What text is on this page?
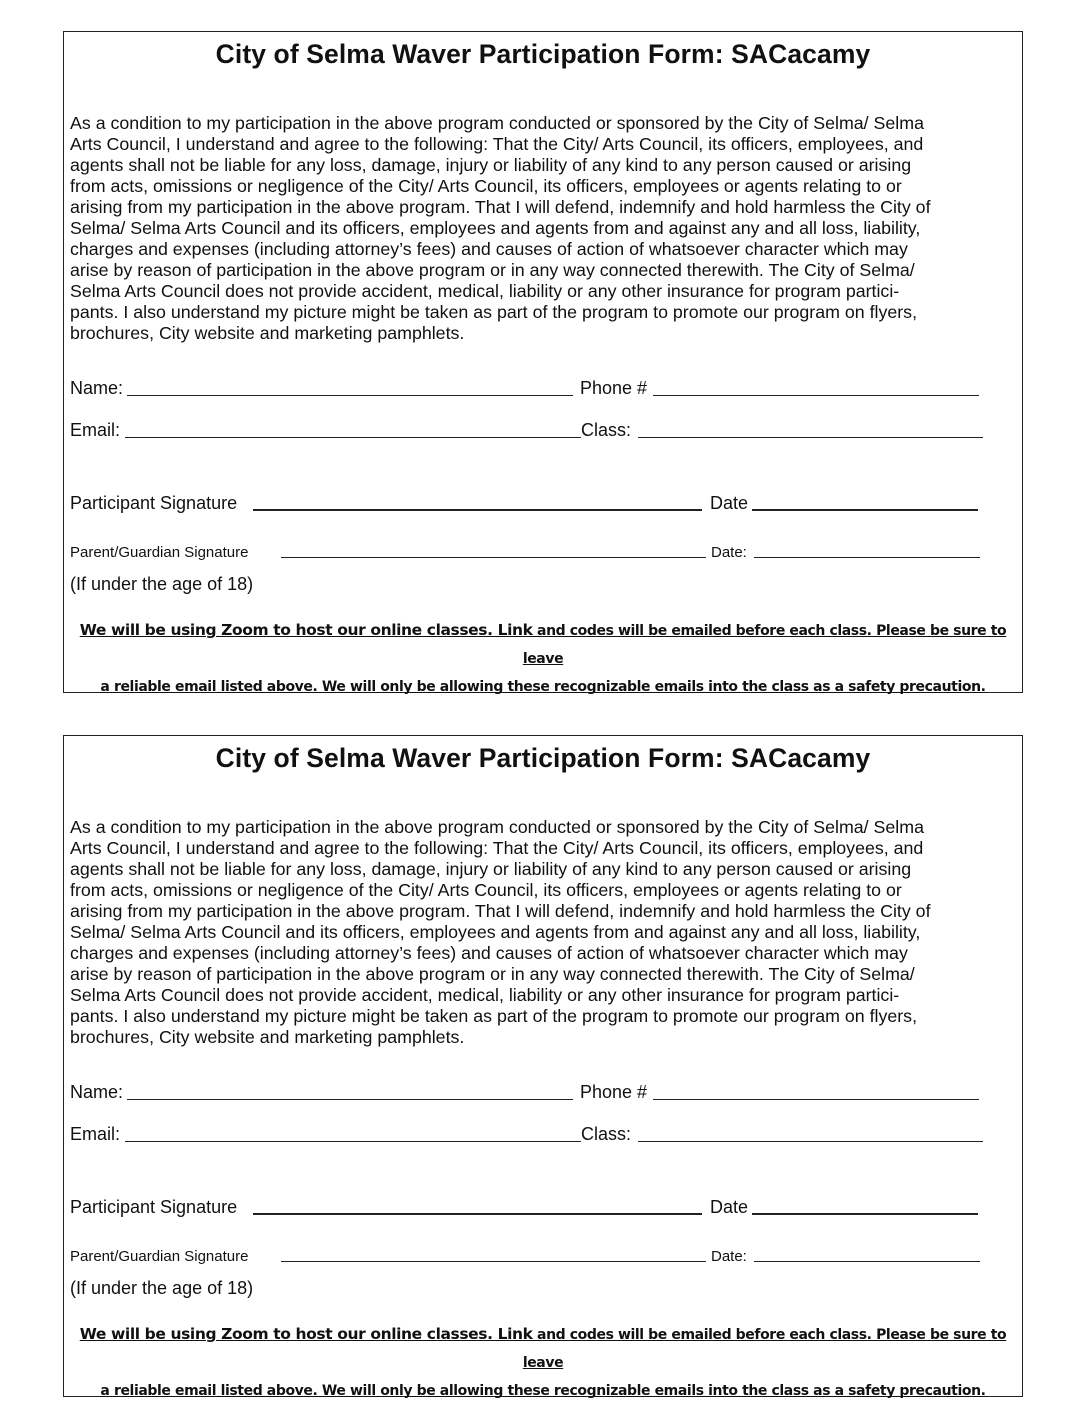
City of Selma Waver Participation Form: SACacamy
As a condition to my participation in the above program conducted or sponsored by the City of Selma/ Selma
Arts Council, I understand and agree to the following: That the City/ Arts Council, its officers, employees, and
agents shall not be liable for any loss, damage, injury or liability of any kind to any person caused or arising
from acts, omissions or negligence of the City/ Arts Council, its officers, employees or agents relating to or
arising from my participation in the above program. That I will defend, indemnify and hold harmless the City of
Selma/ Selma Arts Council and its officers, employees and agents from and against any and all loss, liability,
charges and expenses (including attorney’s fees) and causes of action of whatsoever character which may
arise by reason of participation in the above program or in any way connected therewith. The City of Selma/
Selma Arts Council does not provide accident, medical, liability or any other insurance for program partici-
pants. I also understand my picture might be taken as part of the program to promote our program on flyers,
brochures, City website and marketing pamphlets.
Name:	Phone #
Email:	Class:
Participant Signature	Date
Parent/Guardian Signature	Date:
(If under the age of 18)
We will be using Zoom to host our online classes. Link and codes will be emailed before each class. Please be sure to leave
a reliable email listed above. We will only be allowing these recognizable emails into the class as a safety precaution.
City of Selma Waver Participation Form: SACacamy
As a condition to my participation in the above program conducted or sponsored by the City of Selma/ Selma
Arts Council, I understand and agree to the following: That the City/ Arts Council, its officers, employees, and
agents shall not be liable for any loss, damage, injury or liability of any kind to any person caused or arising
from acts, omissions or negligence of the City/ Arts Council, its officers, employees or agents relating to or
arising from my participation in the above program. That I will defend, indemnify and hold harmless the City of
Selma/ Selma Arts Council and its officers, employees and agents from and against any and all loss, liability,
charges and expenses (including attorney’s fees) and causes of action of whatsoever character which may
arise by reason of participation in the above program or in any way connected therewith. The City of Selma/
Selma Arts Council does not provide accident, medical, liability or any other insurance for program partici-
pants. I also understand my picture might be taken as part of the program to promote our program on flyers,
brochures, City website and marketing pamphlets.
Name:	Phone #
Email:	Class:
Participant Signature	Date
Parent/Guardian Signature	Date:
(If under the age of 18)
We will be using Zoom to host our online classes. Link and codes will be emailed before each class. Please be sure to leave
a reliable email listed above. We will only be allowing these recognizable emails into the class as a safety precaution.
